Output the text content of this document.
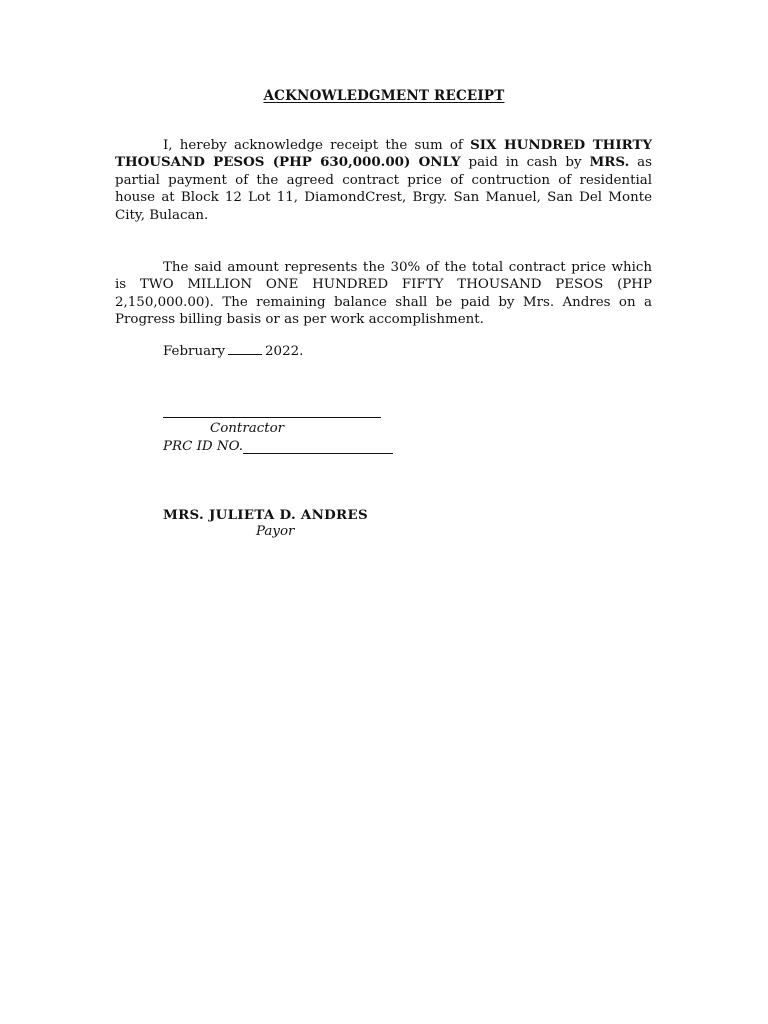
ACKNOWLEDGMENT RECEIPT

I, hereby acknowledge receipt the sum of SIX HUNDRED THIRTY THOUSAND PESOS (PHP 630,000.00) ONLY paid in cash by MRS. as partial payment of the agreed contract price of contruction of residential house at Block 12 Lot 11, DiamondCrest, Brgy. San Manuel, San Del Monte City, Bulacan.

The said amount represents the 30% of the total contract price which is TWO MILLION ONE HUNDRED FIFTY THOUSAND PESOS (PHP 2,150,000.00). The remaining balance shall be paid by Mrs. Andres on a Progress billing basis or as per work accomplishment.

February	2022.
Contractor
PRC ID NO.
MRS. JULIETA D. ANDRES
Payor
